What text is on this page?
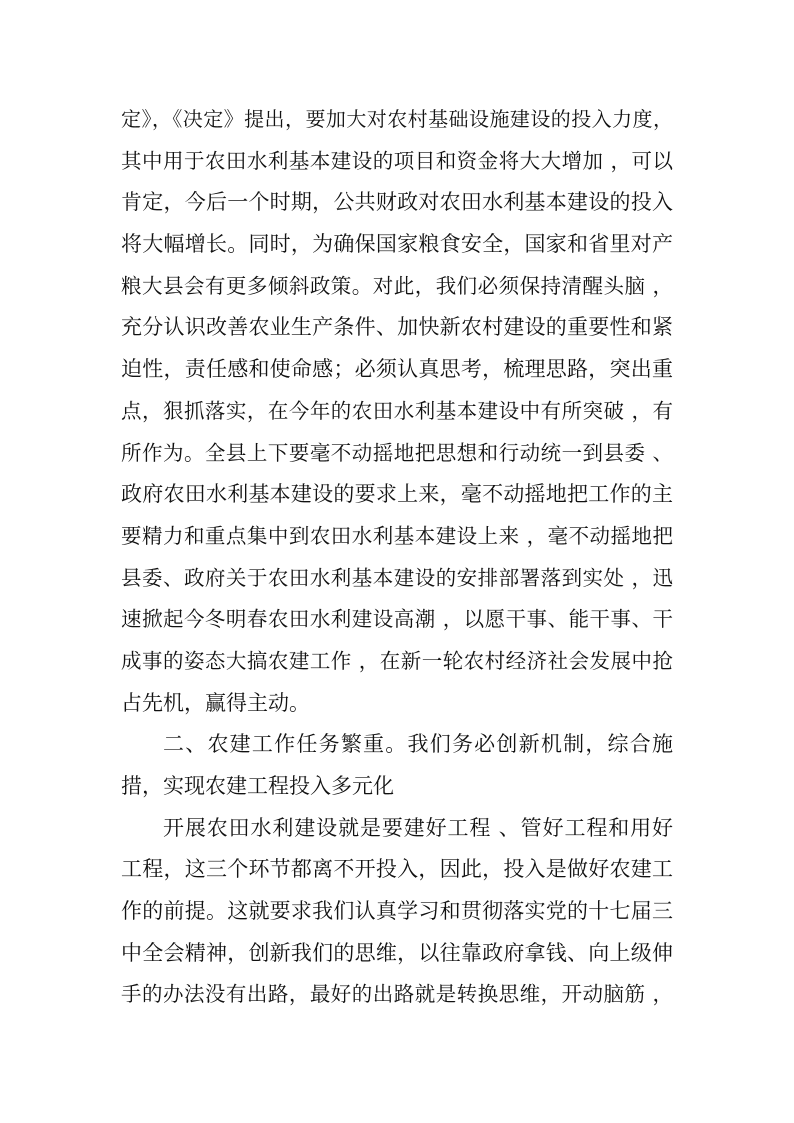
定》，《决定》提出，要加大对农村基础设施建设的投入力度，
其中用于农田水利基本建设的项目和资金将大大增加 ，可以
肯定，今后一个时期，公共财政对农田水利基本建设的投入
将大幅增长。同时，为确保国家粮食安全，国家和省里对产
粮大县会有更多倾斜政策。对此，我们必须保持清醒头脑 ，
充分认识改善农业生产条件、加快新农村建设的重要性和紧
迫性，责任感和使命感；必须认真思考，梳理思路，突出重
点，狠抓落实，在今年的农田水利基本建设中有所突破 ，有
所作为。全县上下要毫不动摇地把思想和行动统一到县委 、
政府农田水利基本建设的要求上来，毫不动摇地把工作的主
要精力和重点集中到农田水利基本建设上来 ，毫不动摇地把
县委、政府关于农田水利基本建设的安排部署落到实处 ，迅
速掀起今冬明春农田水利建设高潮 ，以愿干事、能干事、干
成事的姿态大搞农建工作 ，在新一轮农村经济社会发展中抢
占先机，赢得主动。
二、农建工作任务繁重。我们务必创新机制，综合施
措，实现农建工程投入多元化
开展农田水利建设就是要建好工程 、管好工程和用好
工程，这三个环节都离不开投入，因此，投入是做好农建工
作的前提。这就要求我们认真学习和贯彻落实党的十七届三
中全会精神，创新我们的思维，以往靠政府拿钱、向上级伸
手的办法没有出路，最好的出路就是转换思维，开动脑筋 ，
